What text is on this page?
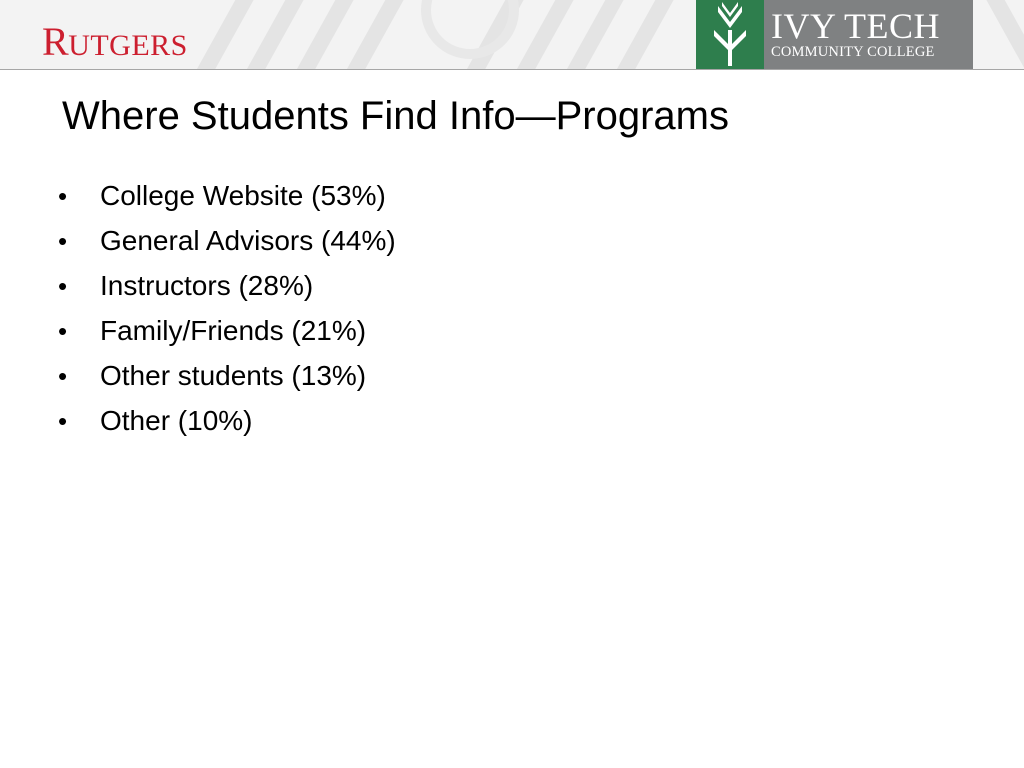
R UTGERS	IVY TECH
COMMUNITY COLLEGE
Where Students Find Info—Programs
•	College Website (53%)
•	General Advisors (44%)
•	Instructors (28%)
•	Family/Friends (21%)
•	Other students (13%)
•	Other (10%)
